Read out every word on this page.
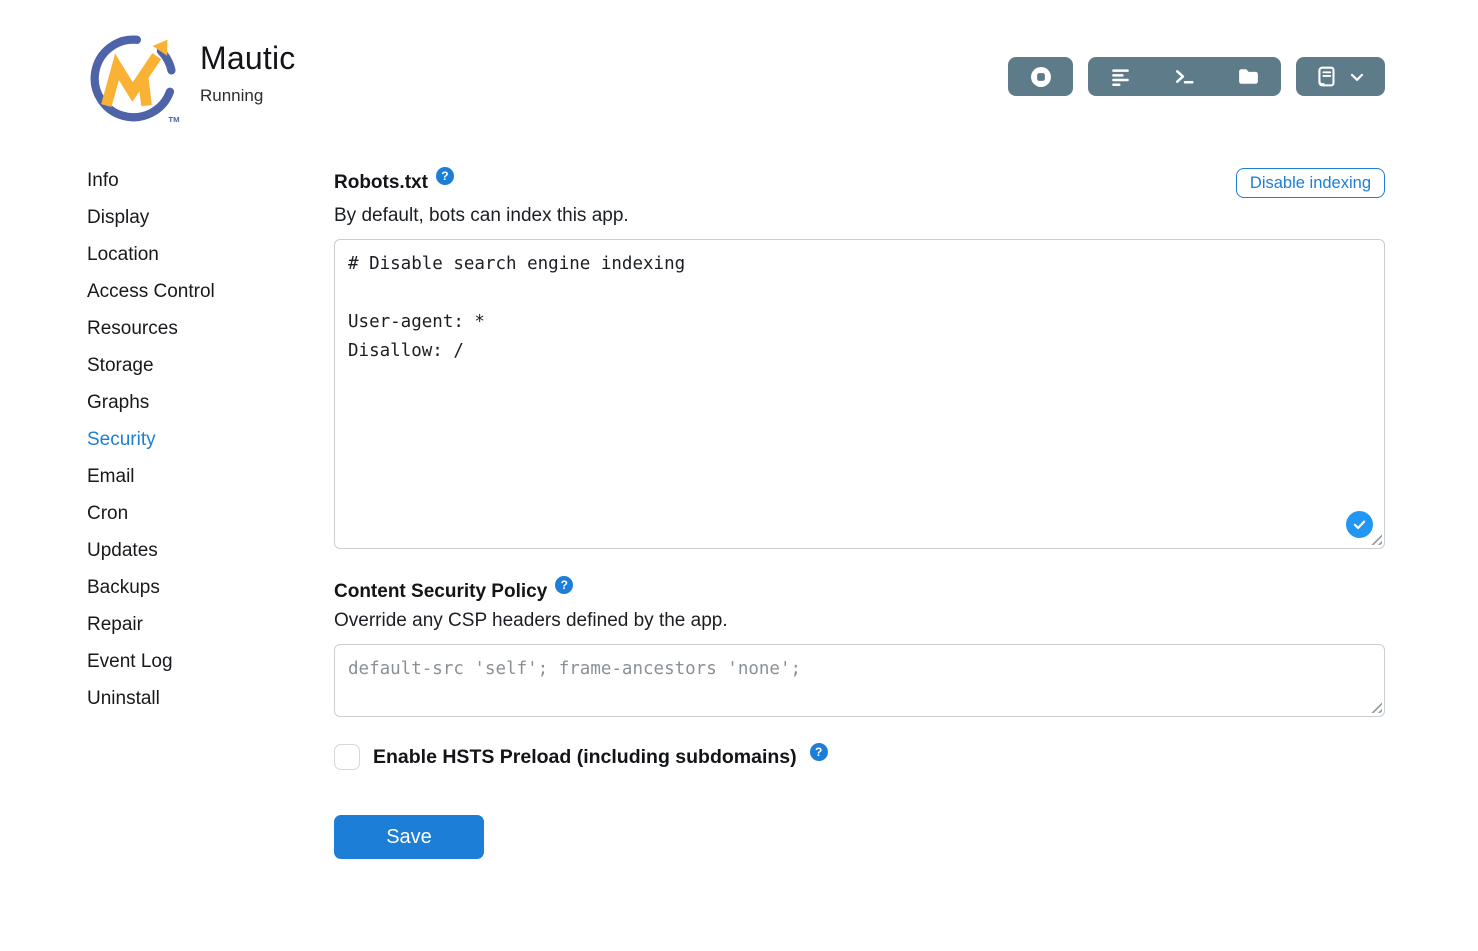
TM
Mautic
Running
Info
Display
Location
Access Control
Resources
Storage
Graphs
Security
Email
Cron
Updates
Backups
Repair
Event Log
Uninstall
Robots.txt	?	Disable indexing

By default, bots can index this app.

# Disable search engine indexing User-agent: * Disallow: /
Content Security Policy	?

Override any CSP headers defined by the app.

default-src 'self'; frame-ancestors 'none';
Enable HSTS Preload (including subdomains)	?
Save
